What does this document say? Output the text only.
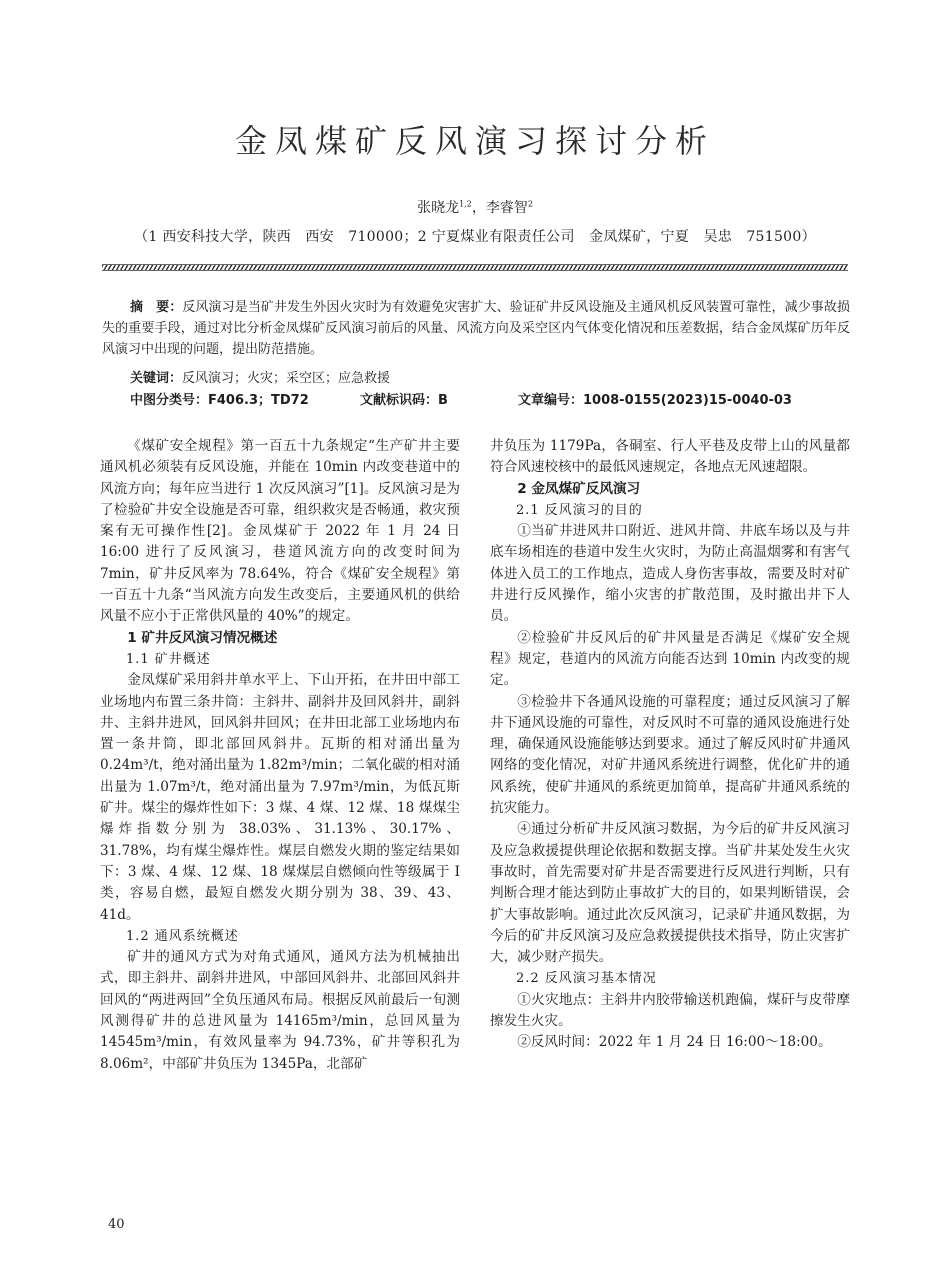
金凤煤矿反风演习探讨分析
张晓龙$^{1,2}$，李睿智$^2$
（1 西安科技大学，陕西　西安　710000；2 宁夏煤业有限责任公司　金凤煤矿，宁夏　吴忠　751500）
摘　要：反风演习是当矿井发生外因火灾时为有效避免灾害扩大、验证矿井反风设施及主通风机反风装置可靠性，减少事故损失的重要手段，通过对比分析金凤煤矿反风演习前后的风量、风流方向及采空区内气体变化情况和压差数据，结合金凤煤矿历年反风演习中出现的问题，提出防范措施。
关键词：反风演习；火灾；采空区；应急救援
中图分类号：F406.3；TD72	文献标识码：B	文章编号：1008-0155(2023)15-0040-03

《煤矿安全规程》第一百五十九条规定“生产矿井主要通风机必须装有反风设施，并能在 10min 内改变巷道中的风流方向；每年应当进行 1 次反风演习”[1]。反风演习是为了检验矿井安全设施是否可靠，组织救灾是否畅通，救灾预案有无可操作性[2]。金凤煤矿于 2022 年 1 月 24 日 16:00 进行了反风演习，巷道风流方向的改变时间为 7min，矿井反风率为 78.64%，符合《煤矿安全规程》第一百五十九条“当风流方向发生改变后，主要通风机的供给风量不应小于正常供风量的 40%”的规定。

1 矿井反风演习情况概述
1.1 矿井概述

金凤煤矿采用斜井单水平上、下山开拓，在井田中部工业场地内布置三条井筒：主斜井、副斜井及回风斜井，副斜井、主斜井进风，回风斜井回风；在井田北部工业场地内布置一条井筒，即北部回风斜井。瓦斯的相对涌出量为 0.24m³/t，绝对涌出量为 1.82m³/min；二氧化碳的相对涌出量为 1.07m³/t，绝对涌出量为 7.97m³/min，为低瓦斯矿井。煤尘的爆炸性如下：3 煤、4 煤、12 煤、18 煤煤尘爆炸指数分别为 38.03%、31.13%、30.17%、31.78%，均有煤尘爆炸性。煤层自燃发火期的鉴定结果如下：3 煤、4 煤、12 煤、18 煤煤层自燃倾向性等级属于 I 类，容易自燃，最短自燃发火期分别为 38、39、43、41d。

1.2 通风系统概述

矿井的通风方式为对角式通风，通风方法为机械抽出式，即主斜井、副斜井进风，中部回风斜井、北部回风斜井回风的“两进两回”全负压通风布局。根据反风前最后一旬测风测得矿井的总进风量为 14165m³/min，总回风量为 14545m³/min，有效风量率为 94.73%，矿井等积孔为 8.06m²，中部矿井负压为 1345Pa，北部矿

井负压为 1179Pa，各硐室、行人平巷及皮带上山的风量都符合风速校核中的最低风速规定，各地点无风速超限。

2 金凤煤矿反风演习
2.1 反风演习的目的

①当矿井进风井口附近、进风井筒、井底车场以及与井底车场相连的巷道中发生火灾时，为防止高温烟雾和有害气体进入员工的工作地点，造成人身伤害事故，需要及时对矿井进行反风操作，缩小灾害的扩散范围，及时撤出井下人员。

②检验矿井反风后的矿井风量是否满足《煤矿安全规程》规定，巷道内的风流方向能否达到 10min 内改变的规定。

③检验井下各通风设施的可靠程度；通过反风演习了解井下通风设施的可靠性，对反风时不可靠的通风设施进行处理，确保通风设施能够达到要求。通过了解反风时矿井通风网络的变化情况，对矿井通风系统进行调整，优化矿井的通风系统，使矿井通风的系统更加简单，提高矿井通风系统的抗灾能力。

④通过分析矿井反风演习数据，为今后的矿井反风演习及应急救援提供理论依据和数据支撑。当矿井某处发生火灾事故时，首先需要对矿井是否需要进行反风进行判断，只有判断合理才能达到防止事故扩大的目的，如果判断错误，会扩大事故影响。通过此次反风演习，记录矿井通风数据，为今后的矿井反风演习及应急救援提供技术指导，防止灾害扩大，减少财产损失。

2.2 反风演习基本情况

①火灾地点：主斜井内胶带输送机跑偏，煤矸与皮带摩擦发生火灾。

②反风时间：2022 年 1 月 24 日 16:00～18:00。

40
